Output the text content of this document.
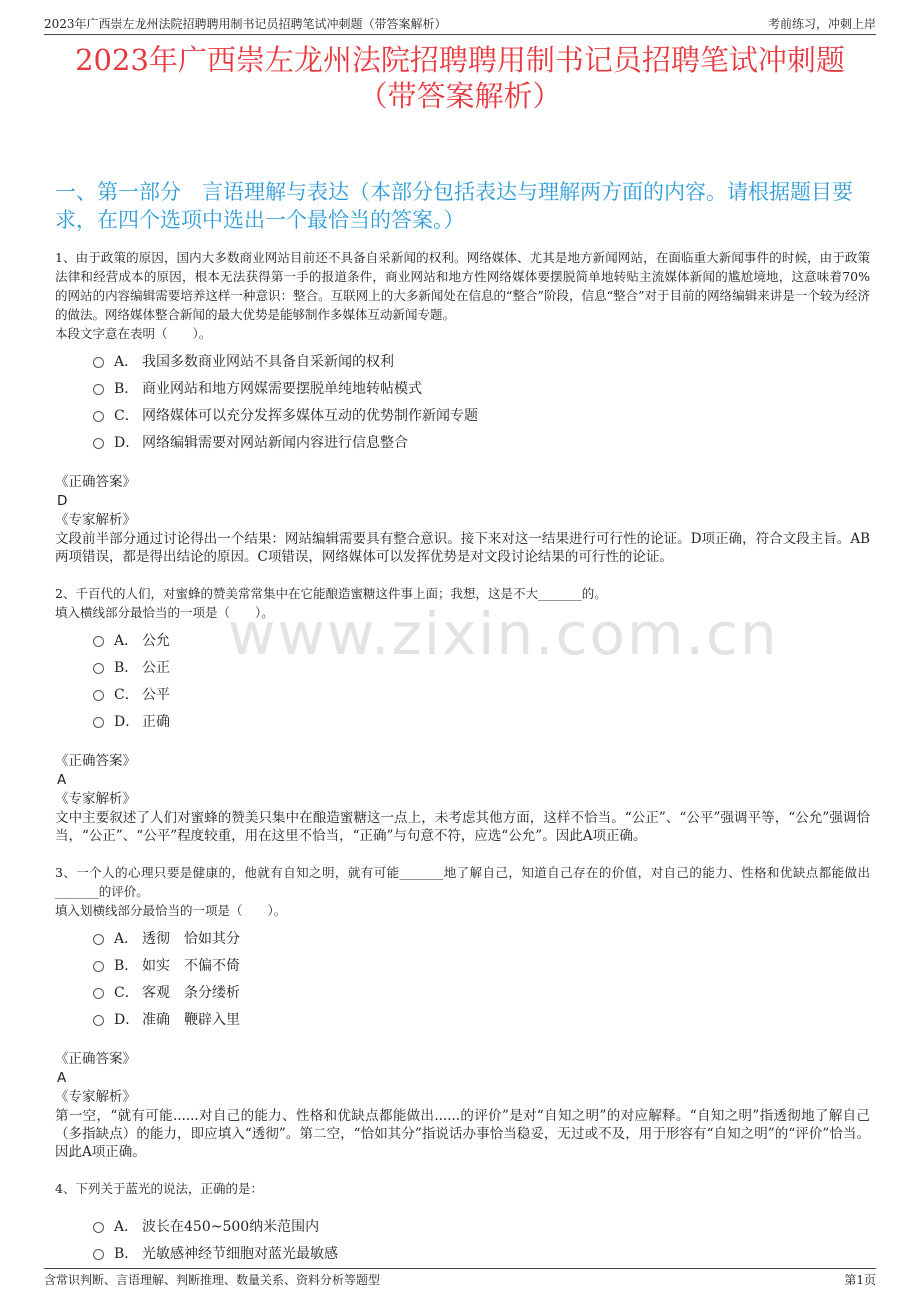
2023年广西崇左龙州法院招聘聘用制书记员招聘笔试冲刺题（带答案解析）	考前练习，冲刺上岸
2023年广西崇左龙州法院招聘聘用制书记员招聘笔试冲刺题
（带答案解析）
一、第一部分　言语理解与表达（本部分包括表达与理解两方面的内容。请根据题目要求，在四个选项中选出一个最恰当的答案。）
www.zixin.com.cn
1、由于政策的原因，国内大多数商业网站目前还不具备自采新闻的权利。网络媒体、尤其是地方新闻网站，在面临重大新闻事件的时候，由于政策法律和经营成本的原因，根本无法获得第一手的报道条件，商业网站和地方性网络媒体要摆脱简单地转贴主流媒体新闻的尴尬境地，这意味着70%的网站的内容编辑需要培养这样一种意识：整合。互联网上的大多新闻处在信息的“整合”阶段，信息“整合”对于目前的网络编辑来讲是一个较为经济的做法。网络媒体整合新闻的最大优势是能够制作多媒体互动新闻专题。
本段文字意在表明（　　）。
A． 我国多数商业网站不具备自采新闻的权利
B． 商业网站和地方网媒需要摆脱单纯地转帖模式
C． 网络媒体可以充分发挥多媒体互动的优势制作新闻专题
D． 网络编辑需要对网站新闻内容进行信息整合
《正确答案》
D
《专家解析》
文段前半部分通过讨论得出一个结果：网站编辑需要具有整合意识。接下来对这一结果进行可行性的论证。D项正确，符合文段主旨。AB两项错误，都是得出结论的原因。C项错误，网络媒体可以发挥优势是对文段讨论结果的可行性的论证。
2、千百代的人们，对蜜蜂的赞美常常集中在它能酿造蜜糖这件事上面；我想，这是不大_______的。
填入横线部分最恰当的一项是（　　）。
A． 公允
B． 公正
C． 公平
D． 正确
《正确答案》
A
《专家解析》
文中主要叙述了人们对蜜蜂的赞美只集中在酿造蜜糖这一点上，未考虑其他方面，这样不恰当。“公正”、“公平”强调平等，“公允”强调恰当，“公正”、“公平”程度较重，用在这里不恰当，“正确”与句意不符，应选“公允”。因此A项正确。
3、一个人的心理只要是健康的，他就有自知之明，就有可能_______地了解自己，知道自己存在的价值，对自己的能力、性格和优缺点都能做出_______的评价。
填入划横线部分最恰当的一项是（　　）。
A． 透彻　恰如其分
B． 如实　不偏不倚
C． 客观　条分缕析
D． 准确　鞭辟入里
《正确答案》
A
《专家解析》
第一空，“就有可能......对自己的能力、性格和优缺点都能做出......的评价”是对“自知之明”的对应解释。“自知之明”指透彻地了解自己（多指缺点）的能力，即应填入“透彻”。第二空，“恰如其分”指说话办事恰当稳妥，无过或不及，用于形容有“自知之明”的“评价”恰当。因此A项正确。
4、下列关于蓝光的说法，正确的是：
A． 波长在450~500纳米范围内
B． 光敏感神经节细胞对蓝光最敏感
含常识判断、言语理解、判断推理、数量关系、资料分析等题型	第1页
